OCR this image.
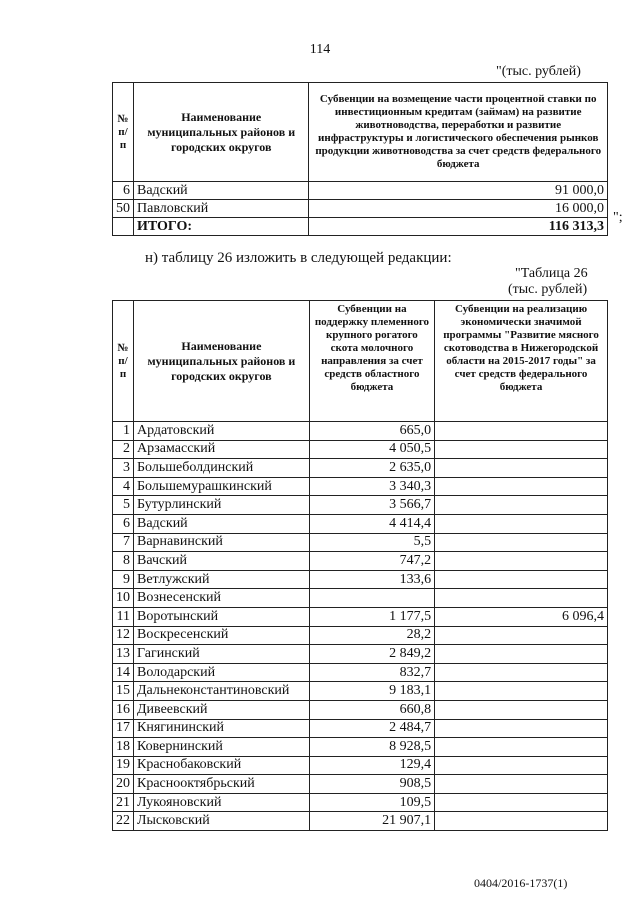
114
"(тыс. рублей)
№ п/п	Наименование муниципальных районов и городских округов	Субвенции на возмещение части процентной ставки по инвестиционным кредитам (займам) на развитие животноводства, переработки и развитие инфраструктуры и логистического обеспечения рынков продукции животноводства за счет средств федерального бюджета
6	Вадский	91 000,0
50	Павловский	16 000,0
	ИТОГО:	116 313,3
";
н) таблицу 26 изложить в следующей редакции:
"Таблица 26
(тыс. рублей)
№ п/п	Наименование муниципальных районов и городских округов	Субвенции на поддержку племенного крупного рогатого скота молочного направления за счет средств областного бюджета	Субвенции на реализацию экономически значимой программы "Развитие мясного скотоводства в Нижегородской области на 2015-2017 годы" за счет средств федерального бюджета
1	Ардатовский	665,0	
2	Арзамасский	4 050,5	
3	Большеболдинский	2 635,0	
4	Большемурашкинский	3 340,3	
5	Бутурлинский	3 566,7	
6	Вадский	4 414,4	
7	Варнавинский	5,5	
8	Вачский	747,2	
9	Ветлужский	133,6	
10	Вознесенский		
11	Воротынский	1 177,5	6 096,4
12	Воскресенский	28,2	
13	Гагинский	2 849,2	
14	Володарский	832,7	
15	Дальнеконстантиновский	9 183,1	
16	Дивеевский	660,8	
17	Княгининский	2 484,7	
18	Ковернинский	8 928,5	
19	Краснобаковский	129,4	
20	Краснооктябрьский	908,5	
21	Лукояновский	109,5	
22	Лысковский	21 907,1	
0404/2016-1737(1)
